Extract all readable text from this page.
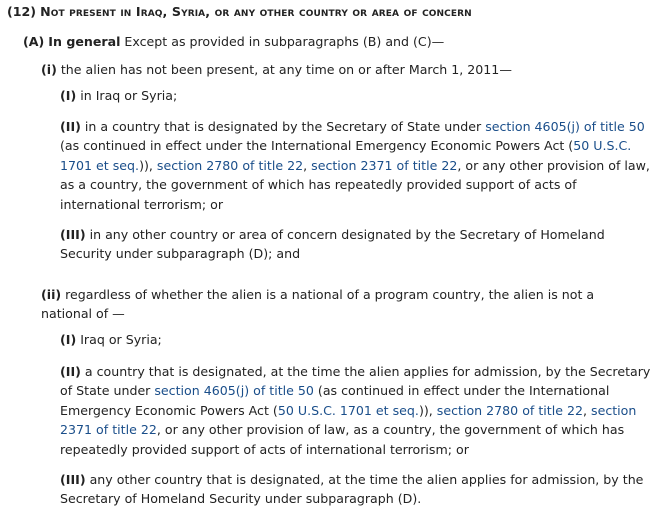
(12) Not present in Iraq, Syria, or any other country or area of concern

(A) In general Except as provided in subparagraphs (B) and (C)—

(i) the alien has not been present, at any time on or after March 1, 2011—

(I) in Iraq or Syria;

(II) in a country that is designated by the Secretary of State under section 4605(j) of title 50 (as continued in effect under the International Emergency Economic Powers Act (50 U.S.C. 1701 et seq.)), section 2780 of title 22, section 2371 of title 22, or any other provision of law, as a country, the government of which has repeatedly provided support of acts of international terrorism; or

(III) in any other country or area of concern designated by the Secretary of Homeland Security under subparagraph (D); and

(ii) regardless of whether the alien is a national of a program country, the alien is not a national of —

(I) Iraq or Syria;

(II) a country that is designated, at the time the alien applies for admission, by the Secretary of State under section 4605(j) of title 50 (as continued in effect under the International Emergency Economic Powers Act (50 U.S.C. 1701 et seq.)), section 2780 of title 22, section 2371 of title 22, or any other provision of law, as a country, the government of which has repeatedly provided support of acts of international terrorism; or

(III) any other country that is designated, at the time the alien applies for admission, by the Secretary of Homeland Security under subparagraph (D).
